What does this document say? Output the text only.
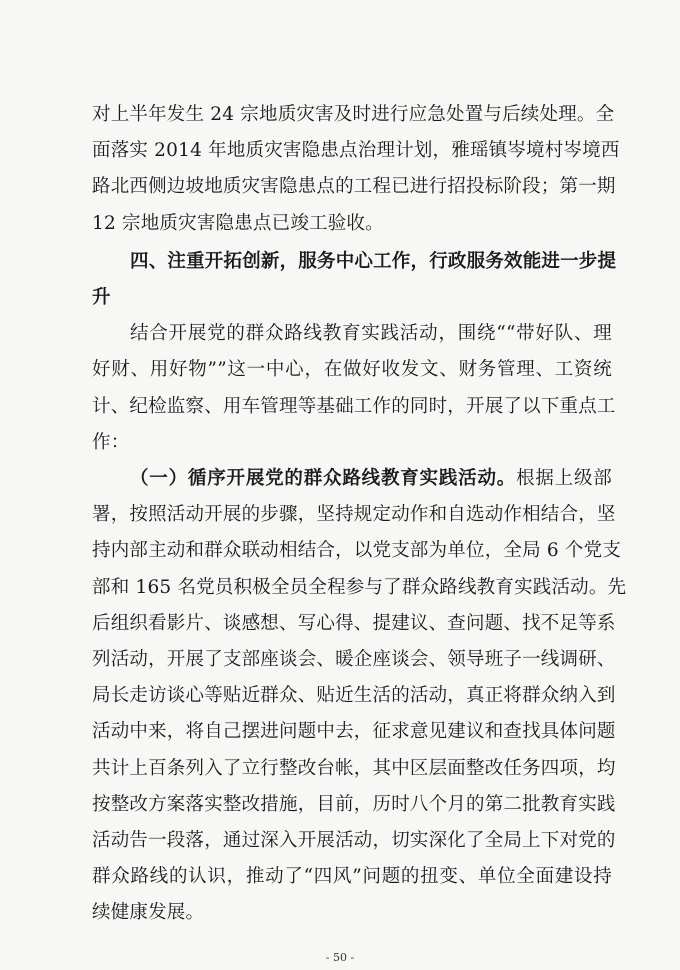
对上半年发生 24 宗地质灾害及时进行应急处置与后续处理。全
面落实 2014 年地质灾害隐患点治理计划，雅瑶镇岑境村岑境西
路北西侧边坡地质灾害隐患点的工程已进行招投标阶段；第一期
12 宗地质灾害隐患点已竣工验收。
四、注重开拓创新，服务中心工作，行政服务效能进一步提
升
结合开展党的群众路线教育实践活动，围绕““带好队、理
好财、用好物””这一中心，在做好收发文、财务管理、工资统
计、纪检监察、用车管理等基础工作的同时，开展了以下重点工
作：
（一）循序开展党的群众路线教育实践活动。根据上级部
署，按照活动开展的步骤，坚持规定动作和自选动作相结合，坚
持内部主动和群众联动相结合，以党支部为单位，全局 6 个党支
部和 165 名党员积极全员全程参与了群众路线教育实践活动。先
后组织看影片、谈感想、写心得、提建议、查问题、找不足等系
列活动，开展了支部座谈会、暖企座谈会、领导班子一线调研、
局长走访谈心等贴近群众、贴近生活的活动，真正将群众纳入到
活动中来，将自己摆进问题中去，征求意见建议和查找具体问题
共计上百条列入了立行整改台帐，其中区层面整改任务四项，均
按整改方案落实整改措施，目前，历时八个月的第二批教育实践
活动告一段落，通过深入开展活动，切实深化了全局上下对党的
群众路线的认识，推动了“四风”问题的扭变、单位全面建设持
续健康发展。
- 50 -
